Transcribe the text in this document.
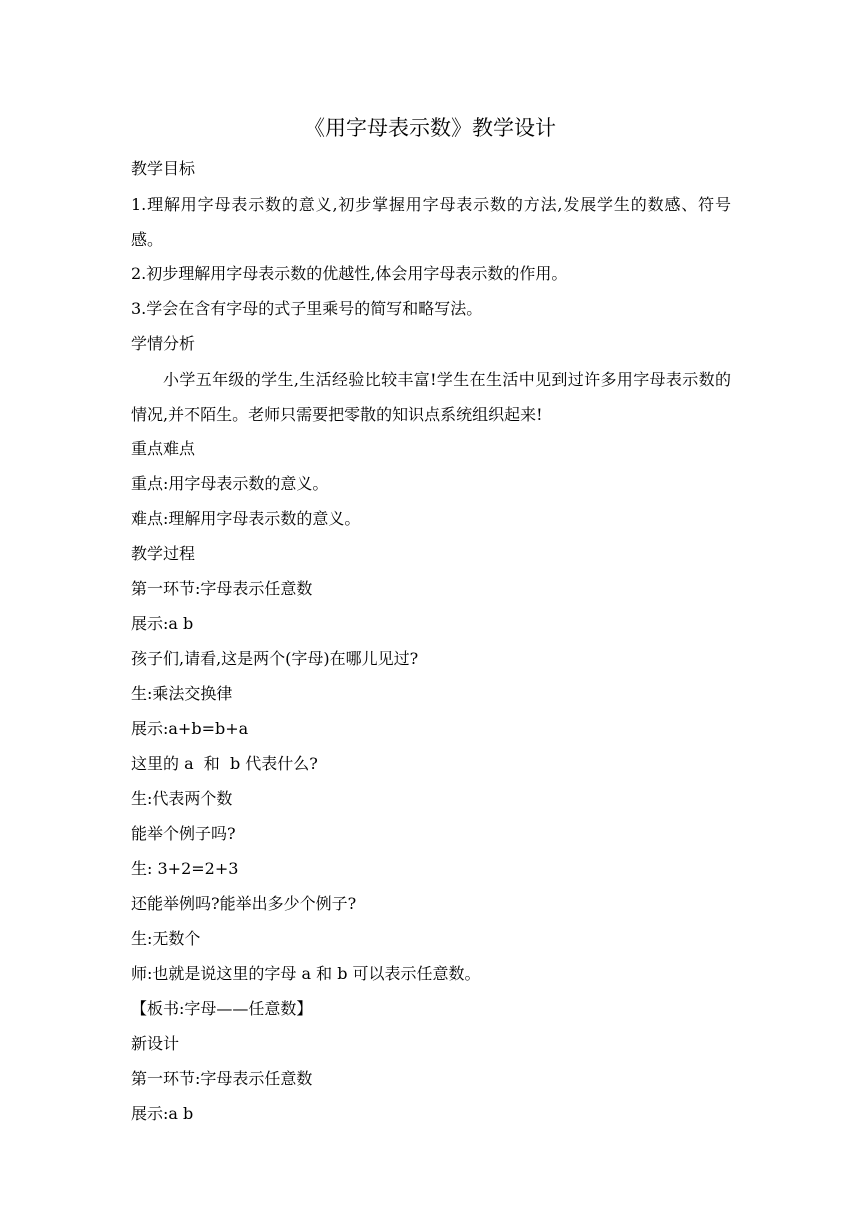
《用字母表示数》教学设计
教学目标
1.理解用字母表示数的意义,初步掌握用字母表示数的方法,发展学生的数感、符号感。
2.初步理解用字母表示数的优越性,体会用字母表示数的作用。
3.学会在含有字母的式子里乘号的简写和略写法。
学情分析
小学五年级的学生,生活经验比较丰富!学生在生活中见到过许多用字母表示数的情况,并不陌生。老师只需要把零散的知识点系统组织起来!
重点难点
重点:用字母表示数的意义。
难点:理解用字母表示数的意义。
教学过程
第一环节:字母表示任意数
展示:a b
孩子们,请看,这是两个(字母)在哪儿见过?
生:乘法交换律
展示:a+b=b+a
这里的 a  和  b 代表什么?
生:代表两个数
能举个例子吗?
生: 3+2=2+3
还能举例吗?能举出多少个例子?
生:无数个
师:也就是说这里的字母 a 和 b 可以表示任意数。
【板书:字母——任意数】
新设计
第一环节:字母表示任意数
展示:a b
